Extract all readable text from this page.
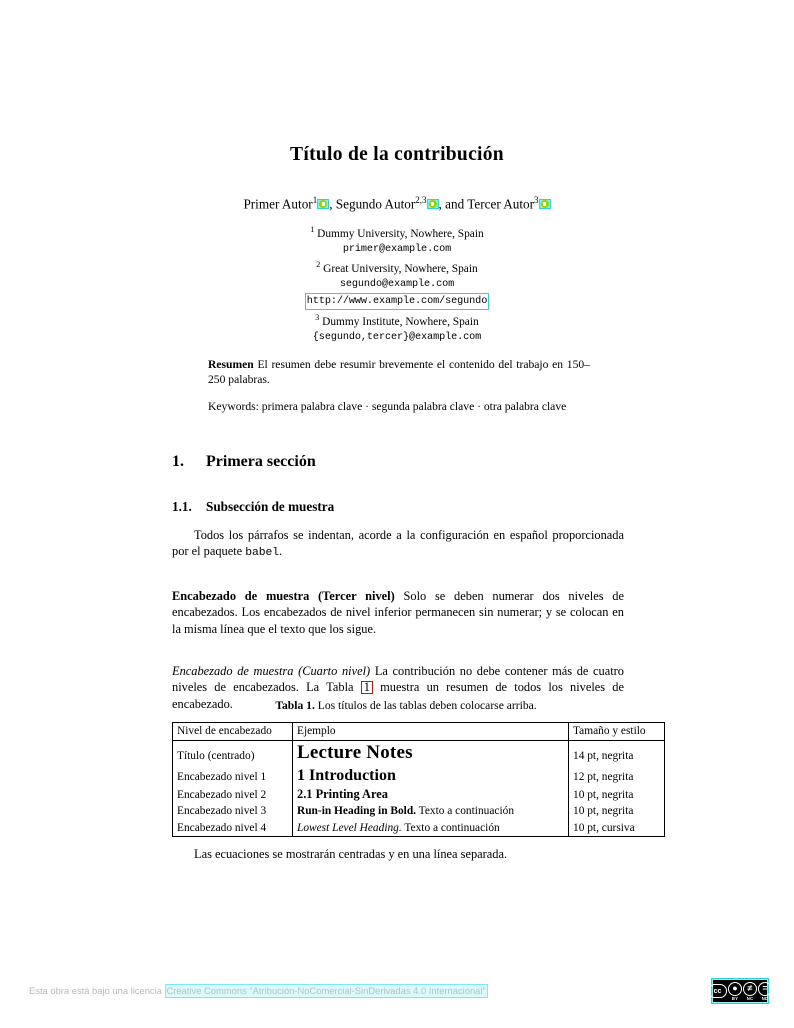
Título de la contribución
Primer Autor$^1$ , Segundo Autor$^{2,3}$ , and Tercer Autor$^3$
$^1$ Dummy University, Nowhere, Spain
primer@example.com
$^2$ Great University, Nowhere, Spain
segundo@example.com
http://www.example.com/segundo
$^3$ Dummy Institute, Nowhere, Spain
{segundo,tercer}@example.com
Resumen El resumen debe resumir brevemente el contenido del trabajo en 150–250 palabras.
Keywords: primera palabra clave · segunda palabra clave · otra palabra clave
1. Primera sección
1.1. Subsección de muestra

Todos los párrafos se indentan, acorde a la configuración en español proporcionada por el paquete babel.

Encabezado de muestra (Tercer nivel) Solo se deben numerar dos niveles de encabezados. Los encabezados de nivel inferior permanecen sin numerar; y se colocan en la misma línea que el texto que los sigue.

Encabezado de muestra (Cuarto nivel) La contribución no debe contener más de cuatro niveles de encabezados. La Tabla 1 muestra un resumen de todos los niveles de encabezado.	Tabla 1. Los títulos de las tablas deben colocarse arriba.
Nivel de encabezado	Ejemplo	Tamaño y estilo
Título (centrado)	Lecture Notes	14 pt, negrita
Encabezado nivel 1	1 Introduction	12 pt, negrita
Encabezado nivel 2	2.1 Printing Area	10 pt, negrita
Encabezado nivel 3	Run-in Heading in Bold. Texto a continuación	10 pt, negrita
Encabezado nivel 4	Lowest Level Heading. Texto a continuación	10 pt, cursiva
Las ecuaciones se mostrarán centradas y en una línea separada.
Esta obra está bajo una licencia Creative Commons "Atribución-NoComercial-SinDerivadas 4.0 Internacional"	cc	●
BY
≠
NC
=
ND
